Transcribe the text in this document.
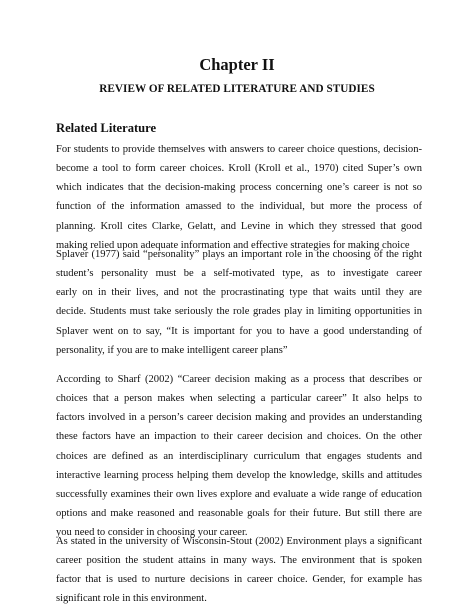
Chapter II
REVIEW OF RELATED LITERATURE AND STUDIES
Related Literature
For students to provide themselves with answers to career choice questions, decision-
become a tool to form career choices. Kroll (Kroll et al., 1970) cited Super’s own
which indicates that the decision-making process concerning one’s career is not so
function of the information amassed to the individual, but more the process of
planning. Kroll cites Clarke, Gelatt, and Levine in which they stressed that good
making relied upon adequate information and effective strategies for making choice
Splaver (1977) said “personality” plays an important role in the choosing of the right
student’s personality must be a self-motivated type, as to investigate career
early on in their lives, and not the procrastinating type that waits until they are
decide. Students must take seriously the role grades play in limiting opportunities in
Splaver went on to say, “It is important for you to have a good understanding of
personality, if you are to make intelligent career plans”
According to Sharf (2002) “Career decision making as a process that describes or
choices that a person makes when selecting a particular career” It also helps to
factors involved in a person’s career decision making and provides an understanding
these factors have an impaction to their career decision and choices. On the other
choices are defined as an interdisciplinary curriculum that engages students and
interactive learning process helping them develop the knowledge, skills and attitudes
successfully examines their own lives explore and evaluate a wide range of education
options and make reasoned and reasonable goals for their future. But still there are
you need to consider in choosing your career.
As stated in the university of Wisconsin-Stout (2002) Environment plays a significant
career position the student attains in many ways. The environment that is spoken
factor that is used to nurture decisions in career choice. Gender, for example has
significant role in this environment.
